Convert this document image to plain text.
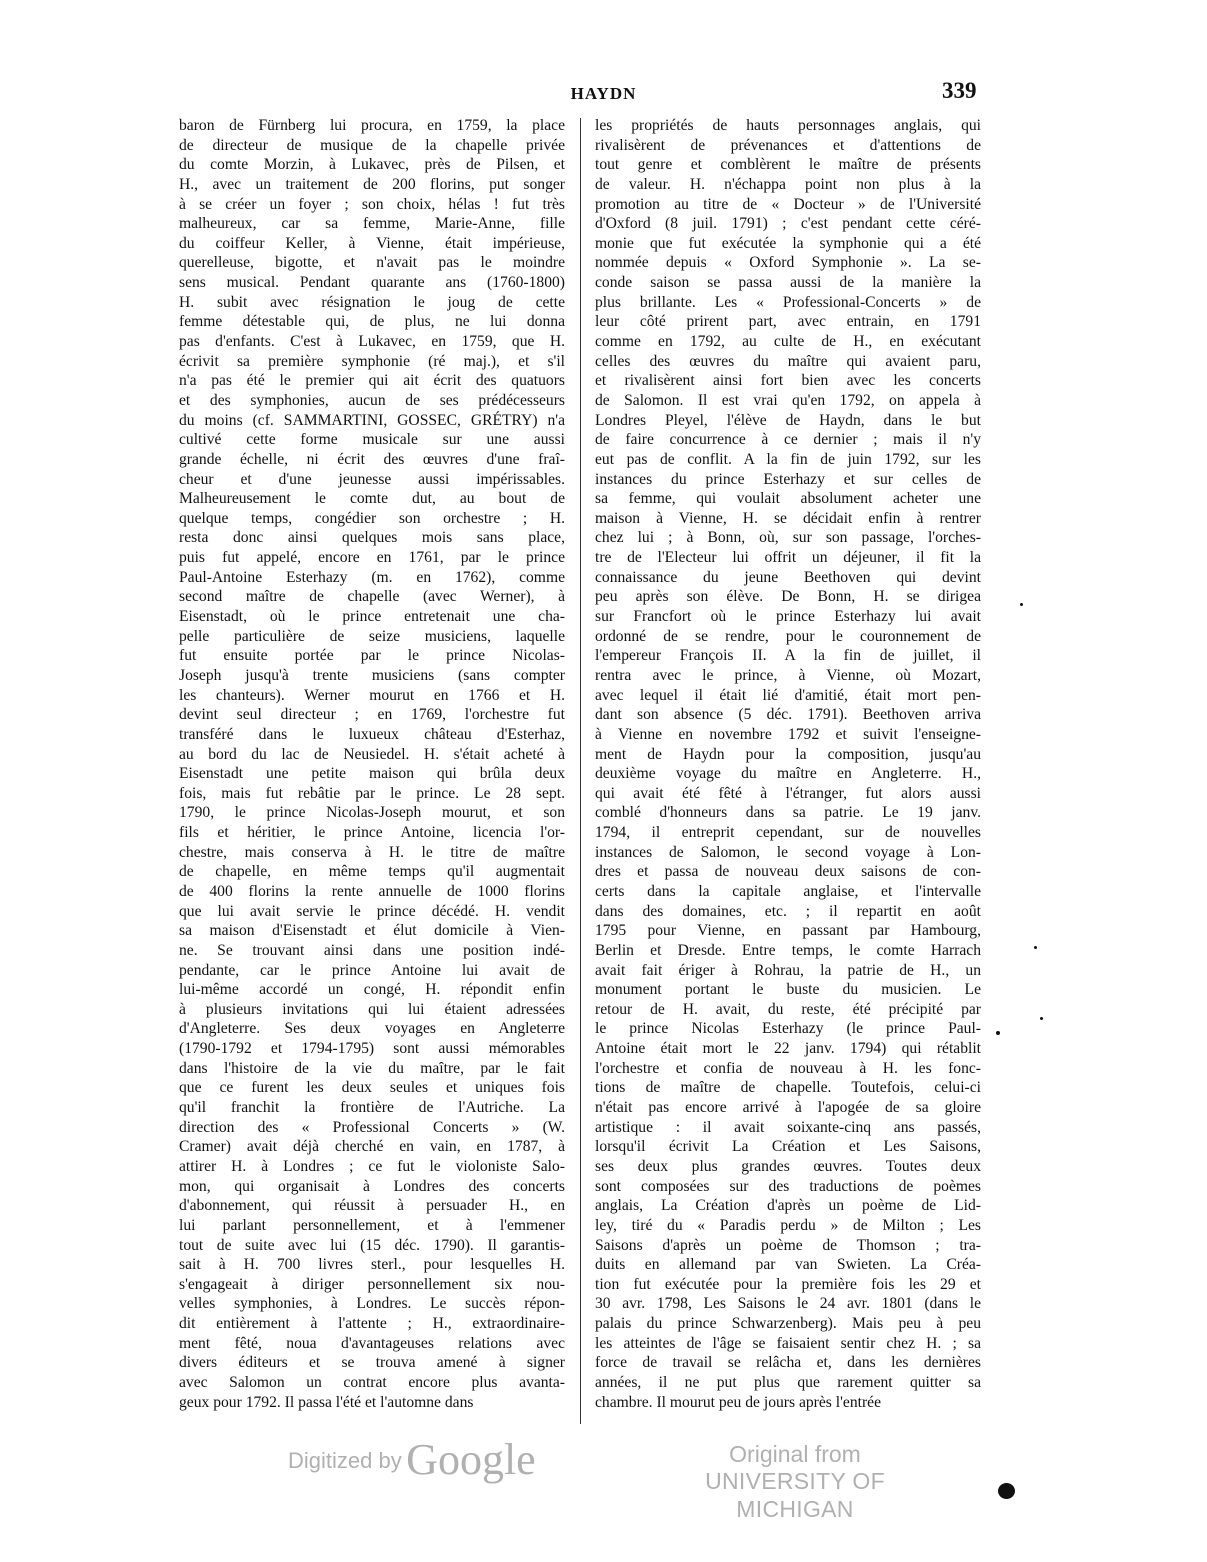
HAYDN	339
baron de Fürnberg lui procura, en 1759, la place
de directeur de musique de la chapelle privée
du comte Morzin, à Lukavec, près de Pilsen, et
H., avec un traitement de 200 florins, put songer
à se créer un foyer ; son choix, hélas ! fut très
malheureux, car sa femme, Marie-Anne, fille
du coiffeur Keller, à Vienne, était impérieuse,
querelleuse, bigotte, et n'avait pas le moindre
sens musical. Pendant quarante ans (1760-1800)
H. subit avec résignation le joug de cette
femme détestable qui, de plus, ne lui donna
pas d'enfants. C'est à Lukavec, en 1759, que H.
écrivit sa première symphonie (ré maj.), et s'il
n'a pas été le premier qui ait écrit des quatuors
et des symphonies, aucun de ses prédécesseurs
du moins (cf. SAMMARTINI, GOSSEC, GRÉTRY) n'a
cultivé cette forme musicale sur une aussi
grande échelle, ni écrit des œuvres d'une fraî-
cheur et d'une jeunesse aussi impérissables.
Malheureusement le comte dut, au bout de
quelque temps, congédier son orchestre ; H.
resta donc ainsi quelques mois sans place,
puis fut appelé, encore en 1761, par le prince
Paul-Antoine Esterhazy (m. en 1762), comme
second maître de chapelle (avec Werner), à
Eisenstadt, où le prince entretenait une cha-
pelle particulière de seize musiciens, laquelle
fut ensuite portée par le prince Nicolas-
Joseph jusqu'à trente musiciens (sans compter
les chanteurs). Werner mourut en 1766 et H.
devint seul directeur ; en 1769, l'orchestre fut
transféré dans le luxueux château d'Esterhaz,
au bord du lac de Neusiedel. H. s'était acheté à
Eisenstadt une petite maison qui brûla deux
fois, mais fut rebâtie par le prince. Le 28 sept.
1790, le prince Nicolas-Joseph mourut, et son
fils et héritier, le prince Antoine, licencia l'or-
chestre, mais conserva à H. le titre de maître
de chapelle, en même temps qu'il augmentait
de 400 florins la rente annuelle de 1000 florins
que lui avait servie le prince décédé. H. vendit
sa maison d'Eisenstadt et élut domicile à Vien-
ne. Se trouvant ainsi dans une position indé-
pendante, car le prince Antoine lui avait de
lui-même accordé un congé, H. répondit enfin
à plusieurs invitations qui lui étaient adressées
d'Angleterre. Ses deux voyages en Angleterre
(1790-1792 et 1794-1795) sont aussi mémorables
dans l'histoire de la vie du maître, par le fait
que ce furent les deux seules et uniques fois
qu'il franchit la frontière de l'Autriche. La
direction des « Professional Concerts » (W.
Cramer) avait déjà cherché en vain, en 1787, à
attirer H. à Londres ; ce fut le violoniste Salo-
mon, qui organisait à Londres des concerts
d'abonnement, qui réussit à persuader H., en
lui parlant personnellement, et à l'emmener
tout de suite avec lui (15 déc. 1790). Il garantis-
sait à H. 700 livres sterl., pour lesquelles H.
s'engageait à diriger personnellement six nou-
velles symphonies, à Londres. Le succès répon-
dit entièrement à l'attente ; H., extraordinaire-
ment fêté, noua d'avantageuses relations avec
divers éditeurs et se trouva amené à signer
avec Salomon un contrat encore plus avanta-
geux pour 1792. Il passa l'été et l'automne dans
les propriétés de hauts personnages anglais, qui
rivalisèrent de prévenances et d'attentions de
tout genre et comblèrent le maître de présents
de valeur. H. n'échappa point non plus à la
promotion au titre de « Docteur » de l'Université
d'Oxford (8 juil. 1791) ; c'est pendant cette céré-
monie que fut exécutée la symphonie qui a été
nommée depuis « Oxford Symphonie ». La se-
conde saison se passa aussi de la manière la
plus brillante. Les « Professional-Concerts » de
leur côté prirent part, avec entrain, en 1791
comme en 1792, au culte de H., en exécutant
celles des œuvres du maître qui avaient paru,
et rivalisèrent ainsi fort bien avec les concerts
de Salomon. Il est vrai qu'en 1792, on appela à
Londres Pleyel, l'élève de Haydn, dans le but
de faire concurrence à ce dernier ; mais il n'y
eut pas de conflit. A la fin de juin 1792, sur les
instances du prince Esterhazy et sur celles de
sa femme, qui voulait absolument acheter une
maison à Vienne, H. se décidait enfin à rentrer
chez lui ; à Bonn, où, sur son passage, l'orches-
tre de l'Electeur lui offrit un déjeuner, il fit la
connaissance du jeune Beethoven qui devint
peu après son élève. De Bonn, H. se dirigea
sur Francfort où le prince Esterhazy lui avait
ordonné de se rendre, pour le couronnement de
l'empereur François II. A la fin de juillet, il
rentra avec le prince, à Vienne, où Mozart,
avec lequel il était lié d'amitié, était mort pen-
dant son absence (5 déc. 1791). Beethoven arriva
à Vienne en novembre 1792 et suivit l'enseigne-
ment de Haydn pour la composition, jusqu'au
deuxième voyage du maître en Angleterre. H.,
qui avait été fêté à l'étranger, fut alors aussi
comblé d'honneurs dans sa patrie. Le 19 janv.
1794, il entreprit cependant, sur de nouvelles
instances de Salomon, le second voyage à Lon-
dres et passa de nouveau deux saisons de con-
certs dans la capitale anglaise, et l'intervalle
dans des domaines, etc. ; il repartit en août
1795 pour Vienne, en passant par Hambourg,
Berlin et Dresde. Entre temps, le comte Harrach
avait fait ériger à Rohrau, la patrie de H., un
monument portant le buste du musicien. Le
retour de H. avait, du reste, été précipité par
le prince Nicolas Esterhazy (le prince Paul-
Antoine était mort le 22 janv. 1794) qui rétablit
l'orchestre et confia de nouveau à H. les fonc-
tions de maître de chapelle. Toutefois, celui-ci
n'était pas encore arrivé à l'apogée de sa gloire
artistique : il avait soixante-cinq ans passés,
lorsqu'il écrivit La Création et Les Saisons,
ses deux plus grandes œuvres. Toutes deux
sont composées sur des traductions de poèmes
anglais, La Création d'après un poème de Lid-
ley, tiré du « Paradis perdu » de Milton ; Les
Saisons d'après un poème de Thomson ; tra-
duits en allemand par van Swieten. La Créa-
tion fut exécutée pour la première fois les 29 et
30 avr. 1798, Les Saisons le 24 avr. 1801 (dans le
palais du prince Schwarzenberg). Mais peu à peu
les atteintes de l'âge se faisaient sentir chez H. ; sa
force de travail se relâcha et, dans les dernières
années, il ne put plus que rarement quitter sa
chambre. Il mourut peu de jours après l'entrée
Digitized by Google	Original from
UNIVERSITY OF MICHIGAN
